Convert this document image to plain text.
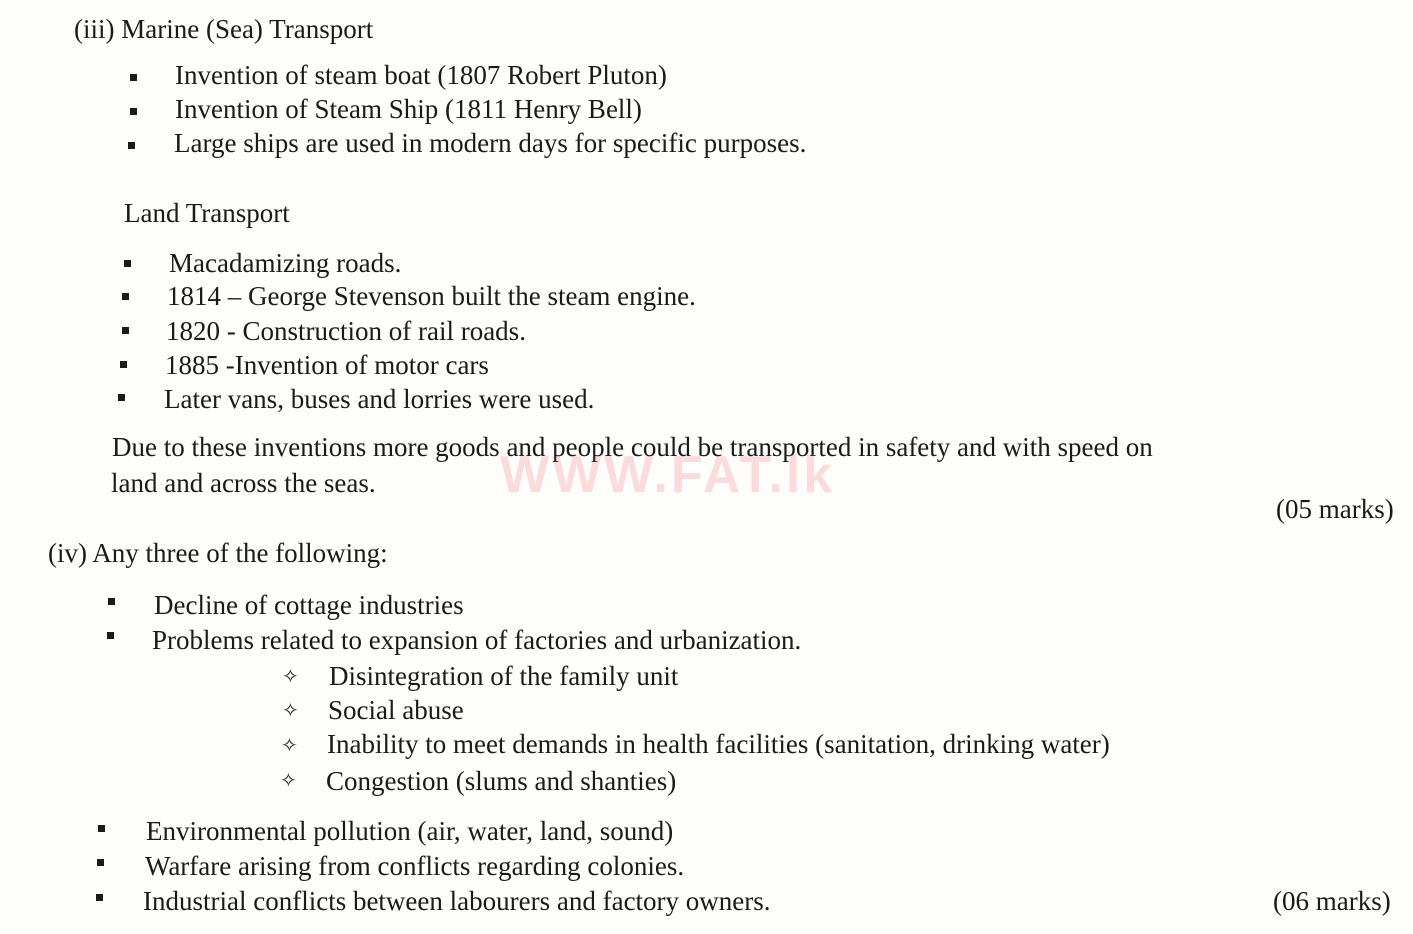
(iii) Marine (Sea) Transport
Invention of steam boat (1807 Robert Pluton)
Invention of Steam Ship (1811 Henry Bell)
Large ships are used in modern days for specific purposes.
Land Transport
Macadamizing roads.
1814 – George Stevenson built the steam engine.
1820 - Construction of rail roads.
1885 -Invention of motor cars
Later vans, buses and lorries were used.
Due to these inventions more goods and people could be transported in safety and with speed on
land and across the seas. WWW.FAT.lk
(05 marks)
(iv) Any three of the following:
Decline of cottage industries
Problems related to expansion of factories and urbanization.
✧ Disintegration of the family unit
✧ Social abuse
✧ Inability to meet demands in health facilities (sanitation, drinking water)
✧ Congestion (slums and shanties)
Environmental pollution (air, water, land, sound)
Warfare arising from conflicts regarding colonies.
Industrial conflicts between labourers and factory owners.	(06 marks)
